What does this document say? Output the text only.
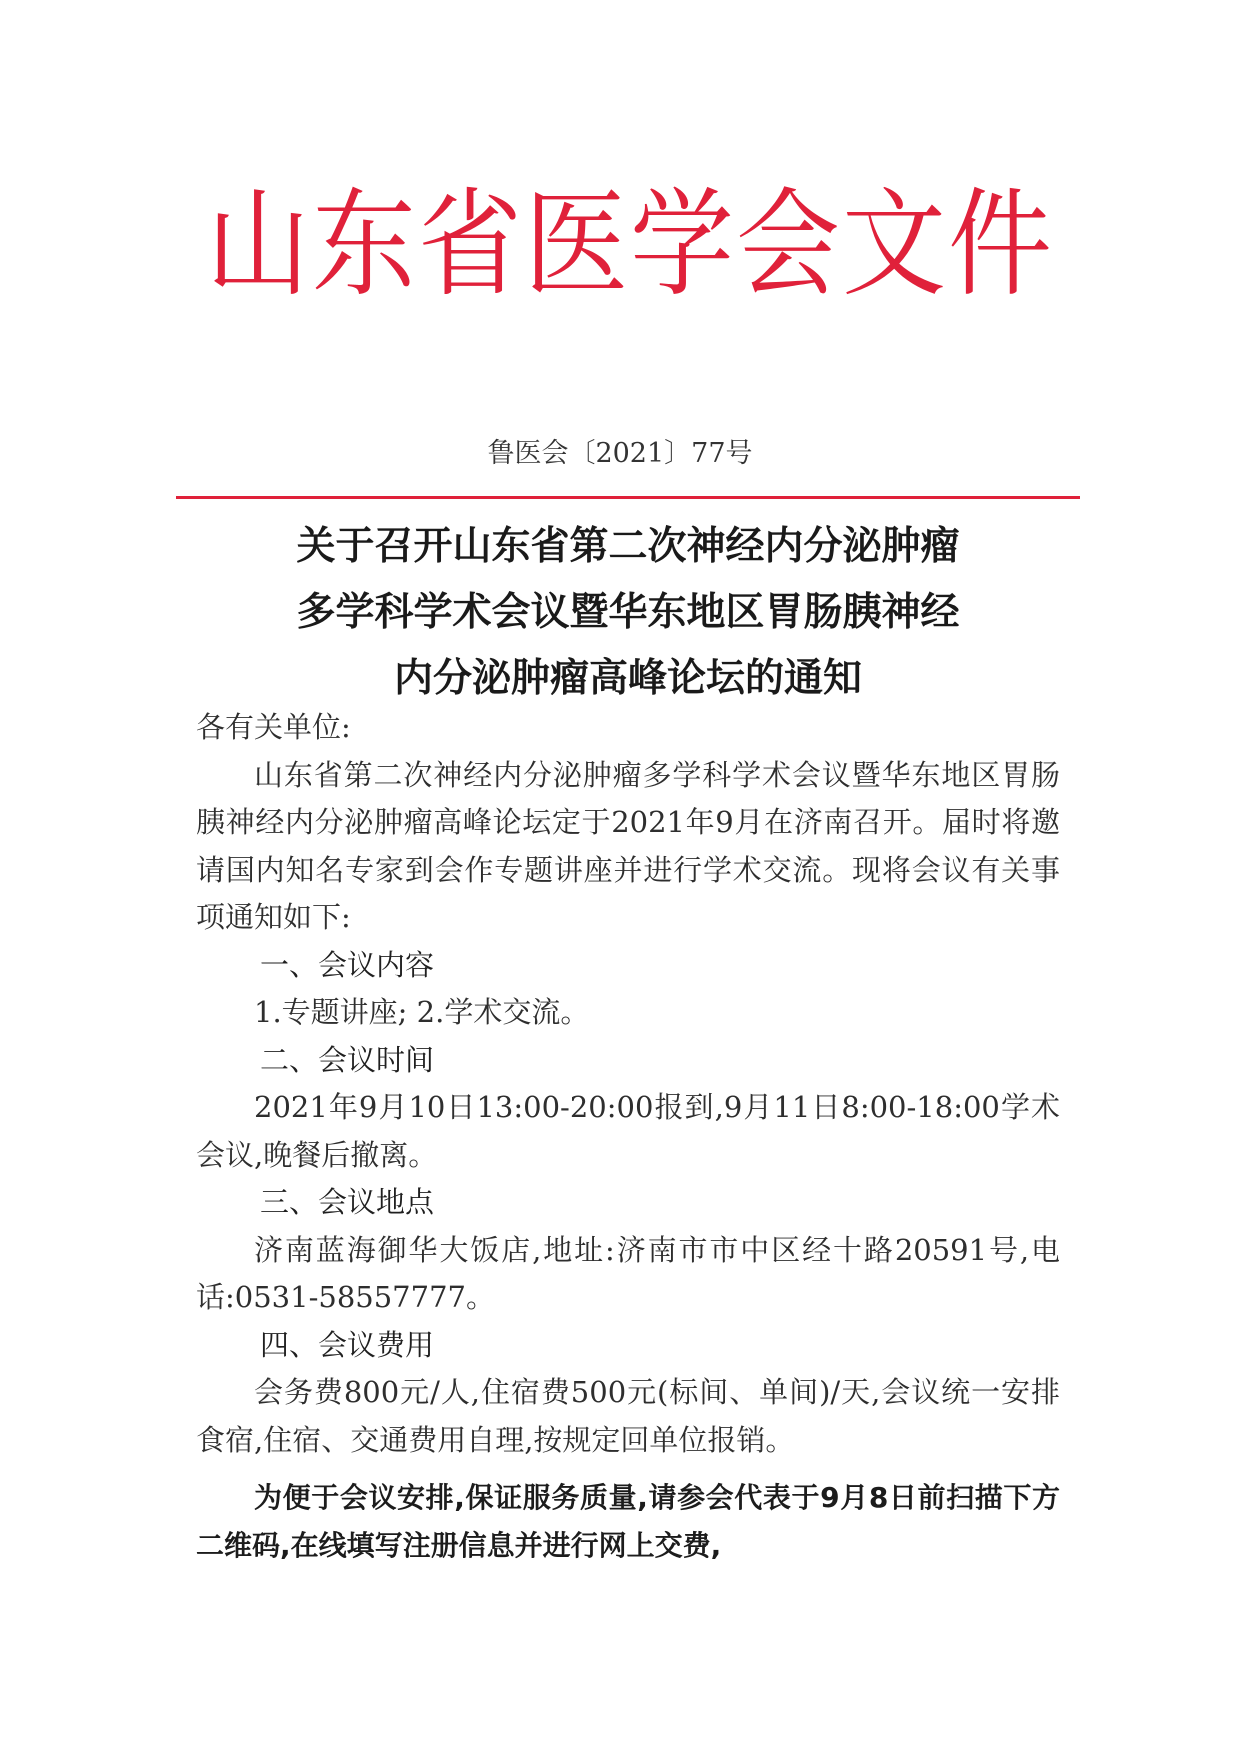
山东省医学会文件
鲁医会〔2021〕77号
关于召开山东省第二次神经内分泌肿瘤
多学科学术会议暨华东地区胃肠胰神经
内分泌肿瘤高峰论坛的通知

各有关单位:

山东省第二次神经内分泌肿瘤多学科学术会议暨华东地区胃肠胰神经内分泌肿瘤高峰论坛定于2021年9月在济南召开。届时将邀请国内知名专家到会作专题讲座并进行学术交流。现将会议有关事项通知如下:

一、会议内容

1.专题讲座; 2.学术交流。

二、会议时间

2021年9月10日13:00-20:00报到,9月11日8:00-18:00学术会议,晚餐后撤离。

三、会议地点

济南蓝海御华大饭店,地址:济南市市中区经十路20591号,电话:0531-58557777。

四、会议费用

会务费800元/人,住宿费500元(标间、单间)/天,会议统一安排食宿,住宿、交通费用自理,按规定回单位报销。

为便于会议安排,保证服务质量,请参会代表于9月8日前扫描下方二维码,在线填写注册信息并进行网上交费,
